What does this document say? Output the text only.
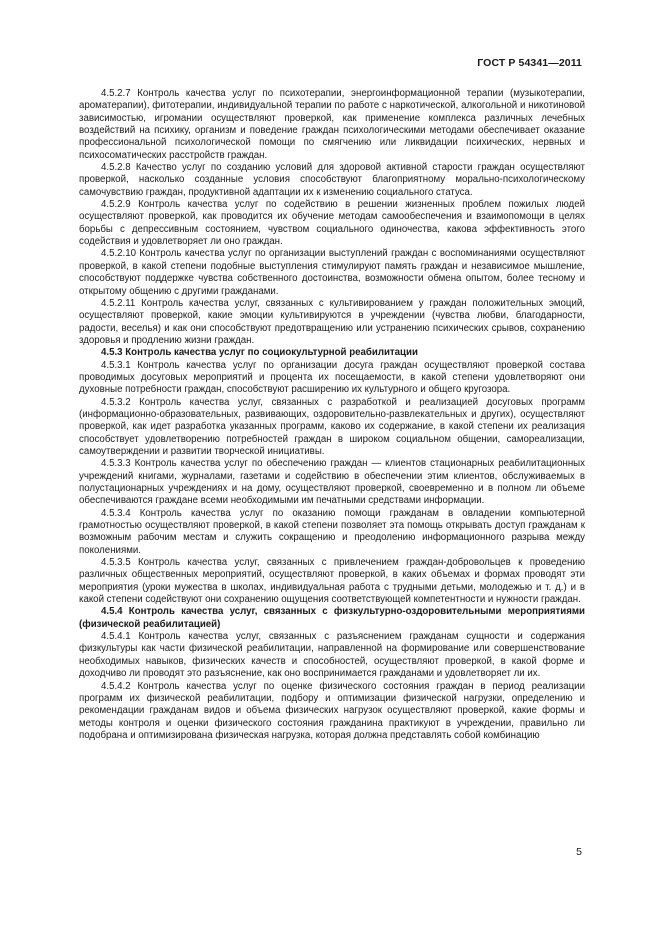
ГОСТ Р 54341—2011

4.5.2.7 Контроль качества услуг по психотерапии, энергоинформационной терапии (музыкотерапии, ароматерапии), фитотерапии, индивидуальной терапии по работе с наркотической, алкогольной и никотиновой зависимостью, игромании осуществляют проверкой, как применение комплекса различных лечебных воздействий на психику, организм и поведение граждан психологическими методами обеспечивает оказание профессиональной психологической помощи по смягчению или ликвидации психических, нервных и психосоматических расстройств граждан.

4.5.2.8 Качество услуг по созданию условий для здоровой активной старости граждан осуществляют проверкой, насколько созданные условия способствуют благоприятному морально-психологическому самочувствию граждан, продуктивной адаптации их к изменению социального статуса.

4.5.2.9 Контроль качества услуг по содействию в решении жизненных проблем пожилых людей осуществляют проверкой, как проводится их обучение методам самообеспечения и взаимопомощи в целях борьбы с депрессивным состоянием, чувством социального одиночества, какова эффективность этого содействия и удовлетворяет ли оно граждан.

4.5.2.10 Контроль качества услуг по организации выступлений граждан с воспоминаниями осуществляют проверкой, в какой степени подобные выступления стимулируют память граждан и независимое мышление, способствуют поддержке чувства собственного достоинства, возможности обмена опытом, более тесному и открытому общению с другими гражданами.

4.5.2.11 Контроль качества услуг, связанных с культивированием у граждан положительных эмоций, осуществляют проверкой, какие эмоции культивируются в учреждении (чувства любви, благодарности, радости, веселья) и как они способствуют предотвращению или устранению психических срывов, сохранению здоровья и продлению жизни граждан.

4.5.3 Контроль качества услуг по социокультурной реабилитации

4.5.3.1 Контроль качества услуг по организации досуга граждан осуществляют проверкой состава проводимых досуговых мероприятий и процента их посещаемости, в какой степени удовлетворяют они духовные потребности граждан, способствуют расширению их культурного и общего кругозора.

4.5.3.2 Контроль качества услуг, связанных с разработкой и реализацией досуговых программ (информационно-образовательных, развивающих, оздоровительно-развлекательных и других), осуществляют проверкой, как идет разработка указанных программ, каково их содержание, в какой степени их реализация способствует удовлетворению потребностей граждан в широком социальном общении, самореализации, самоутверждении и развитии творческой инициативы.

4.5.3.3 Контроль качества услуг по обеспечению граждан — клиентов стационарных реабилитационных учреждений книгами, журналами, газетами и содействию в обеспечении этим клиентов, обслуживаемых в полустационарных учреждениях и на дому, осуществляют проверкой, своевременно и в полном ли объеме обеспечиваются граждане всеми необходимыми им печатными средствами информации.

4.5.3.4 Контроль качества услуг по оказанию помощи гражданам в овладении компьютерной грамотностью осуществляют проверкой, в какой степени позволяет эта помощь открывать доступ гражданам к возможным рабочим местам и служить сокращению и преодолению информационного разрыва между поколениями.

4.5.3.5 Контроль качества услуг, связанных с привлечением граждан-добровольцев к проведению различных общественных мероприятий, осуществляют проверкой, в каких объемах и формах проводят эти мероприятия (уроки мужества в школах, индивидуальная работа с трудными детьми, молодежью и т. д.) и в какой степени содействуют они сохранению ощущения соответствующей компетентности и нужности граждан.

4.5.4 Контроль качества услуг, связанных с физкультурно-оздоровительными мероприятиями (физической реабилитацией)

4.5.4.1 Контроль качества услуг, связанных с разъяснением гражданам сущности и содержания физкультуры как части физической реабилитации, направленной на формирование или совершенствование необходимых навыков, физических качеств и способностей, осуществляют проверкой, в какой форме и доходчиво ли проводят это разъяснение, как оно воспринимается гражданами и удовлетворяет ли их.

4.5.4.2 Контроль качества услуг по оценке физического состояния граждан в период реализации программ их физической реабилитации, подбору и оптимизации физической нагрузки, определению и рекомендации гражданам видов и объема физических нагрузок осуществляют проверкой, какие формы и методы контроля и оценки физического состояния гражданина практикуют в учреждении, правильно ли подобрана и оптимизирована физическая нагрузка, которая должна представлять собой комбинацию

5
